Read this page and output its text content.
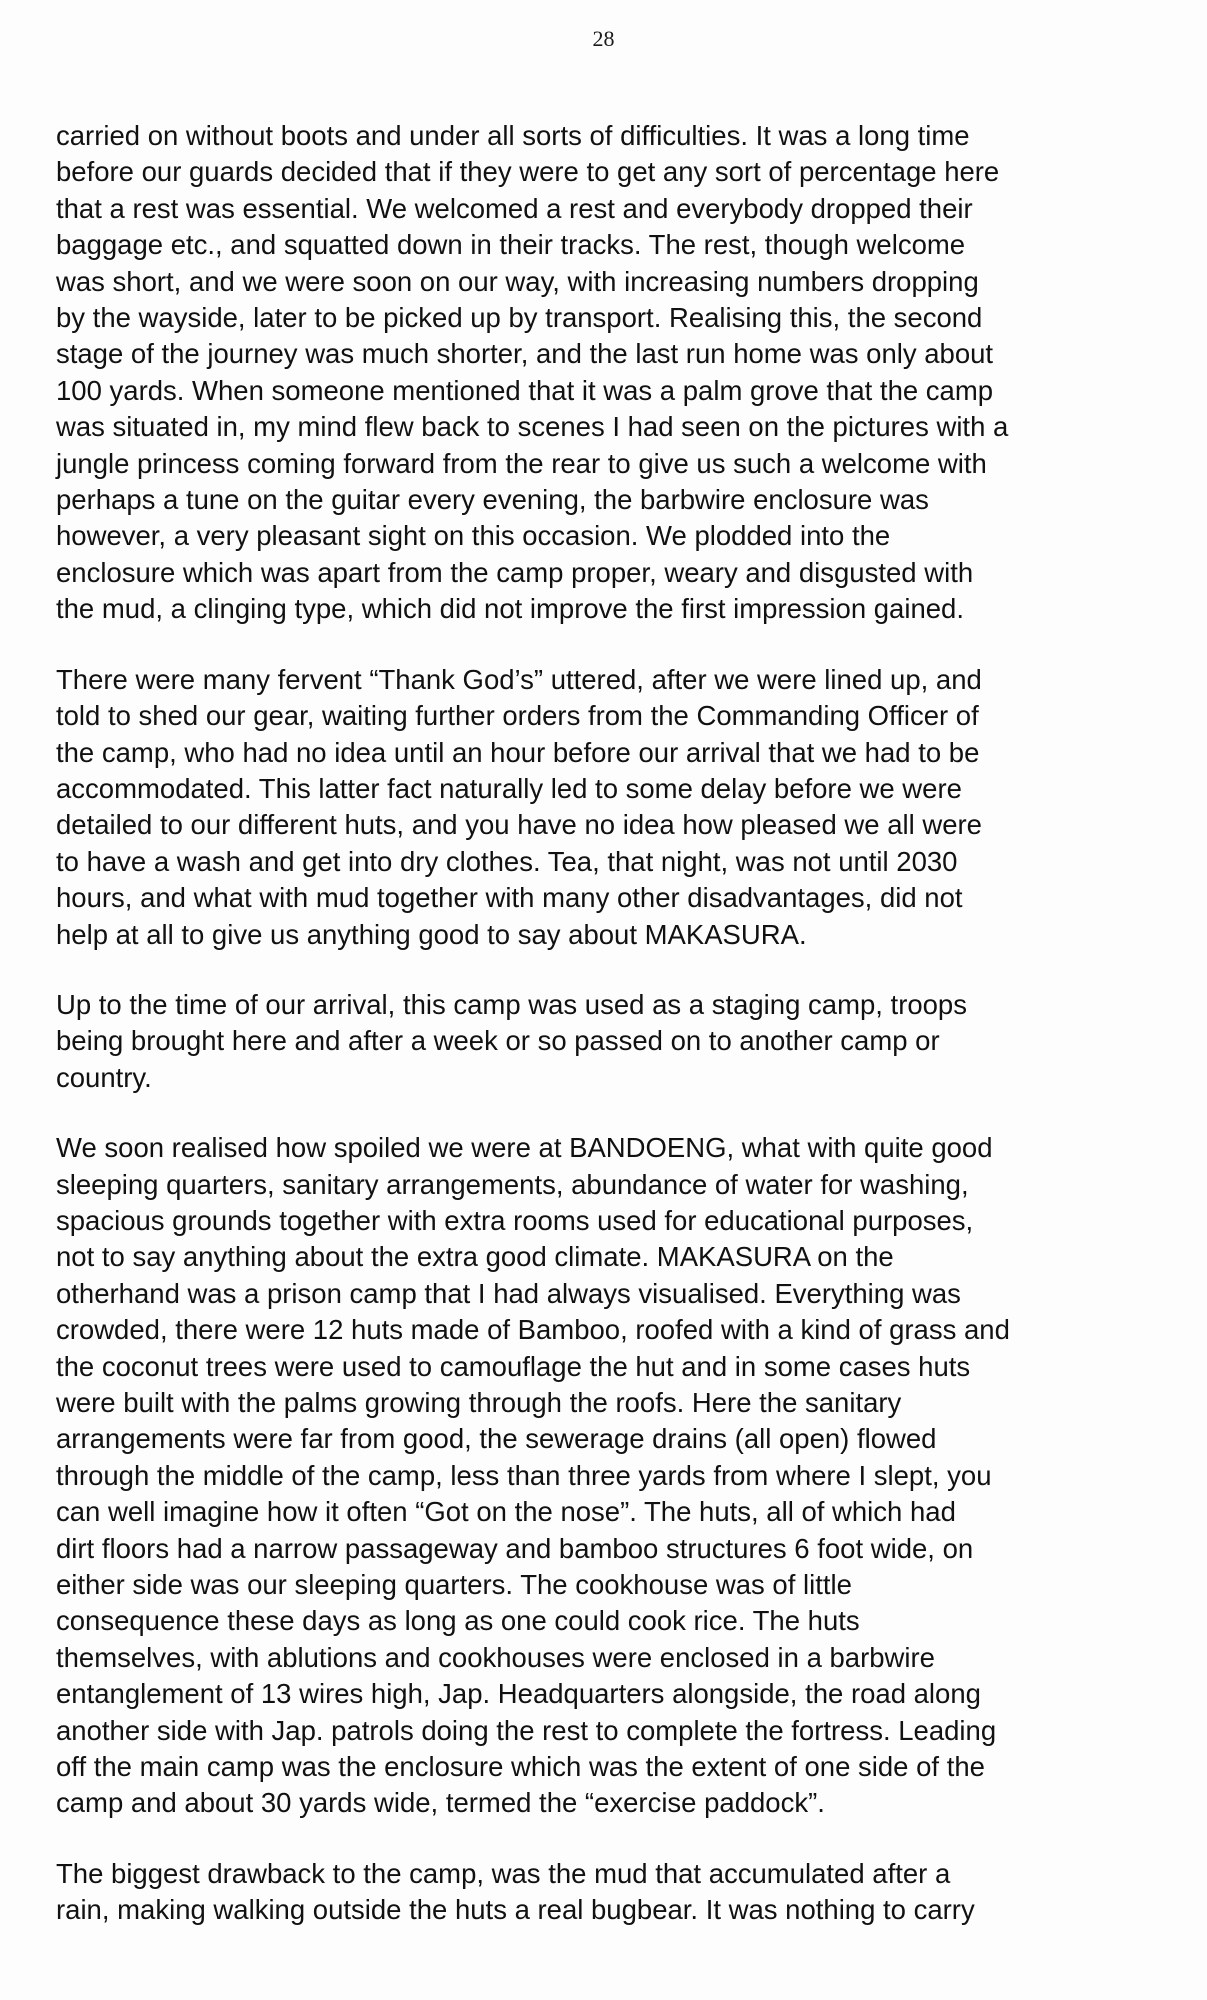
28

carried on without boots and under all sorts of difficulties. It was a long time
before our guards decided that if they were to get any sort of percentage here
that a rest was essential. We welcomed a rest and everybody dropped their
baggage etc., and squatted down in their tracks. The rest, though welcome
was short, and we were soon on our way, with increasing numbers dropping
by the wayside, later to be picked up by transport. Realising this, the second
stage of the journey was much shorter, and the last run home was only about
100 yards. When someone mentioned that it was a palm grove that the camp
was situated in, my mind flew back to scenes I had seen on the pictures with a
jungle princess coming forward from the rear to give us such a welcome with
perhaps a tune on the guitar every evening, the barbwire enclosure was
however, a very pleasant sight on this occasion. We plodded into the
enclosure which was apart from the camp proper, weary and disgusted with
the mud, a clinging type, which did not improve the first impression gained.

There were many fervent “Thank God’s” uttered, after we were lined up, and
told to shed our gear, waiting further orders from the Commanding Officer of
the camp, who had no idea until an hour before our arrival that we had to be
accommodated. This latter fact naturally led to some delay before we were
detailed to our different huts, and you have no idea how pleased we all were
to have a wash and get into dry clothes. Tea, that night, was not until 2030
hours, and what with mud together with many other disadvantages, did not
help at all to give us anything good to say about MAKASURA.

Up to the time of our arrival, this camp was used as a staging camp, troops
being brought here and after a week or so passed on to another camp or
country.

We soon realised how spoiled we were at BANDOENG, what with quite good
sleeping quarters, sanitary arrangements, abundance of water for washing,
spacious grounds together with extra rooms used for educational purposes,
not to say anything about the extra good climate. MAKASURA on the
otherhand was a prison camp that I had always visualised. Everything was
crowded, there were 12 huts made of Bamboo, roofed with a kind of grass and
the coconut trees were used to camouflage the hut and in some cases huts
were built with the palms growing through the roofs. Here the sanitary
arrangements were far from good, the sewerage drains (all open) flowed
through the middle of the camp, less than three yards from where I slept, you
can well imagine how it often “Got on the nose”. The huts, all of which had
dirt floors had a narrow passageway and bamboo structures 6 foot wide, on
either side was our sleeping quarters. The cookhouse was of little
consequence these days as long as one could cook rice. The huts
themselves, with ablutions and cookhouses were enclosed in a barbwire
entanglement of 13 wires high, Jap. Headquarters alongside, the road along
another side with Jap. patrols doing the rest to complete the fortress. Leading
off the main camp was the enclosure which was the extent of one side of the
camp and about 30 yards wide, termed the “exercise paddock”.

The biggest drawback to the camp, was the mud that accumulated after a
rain, making walking outside the huts a real bugbear. It was nothing to carry
